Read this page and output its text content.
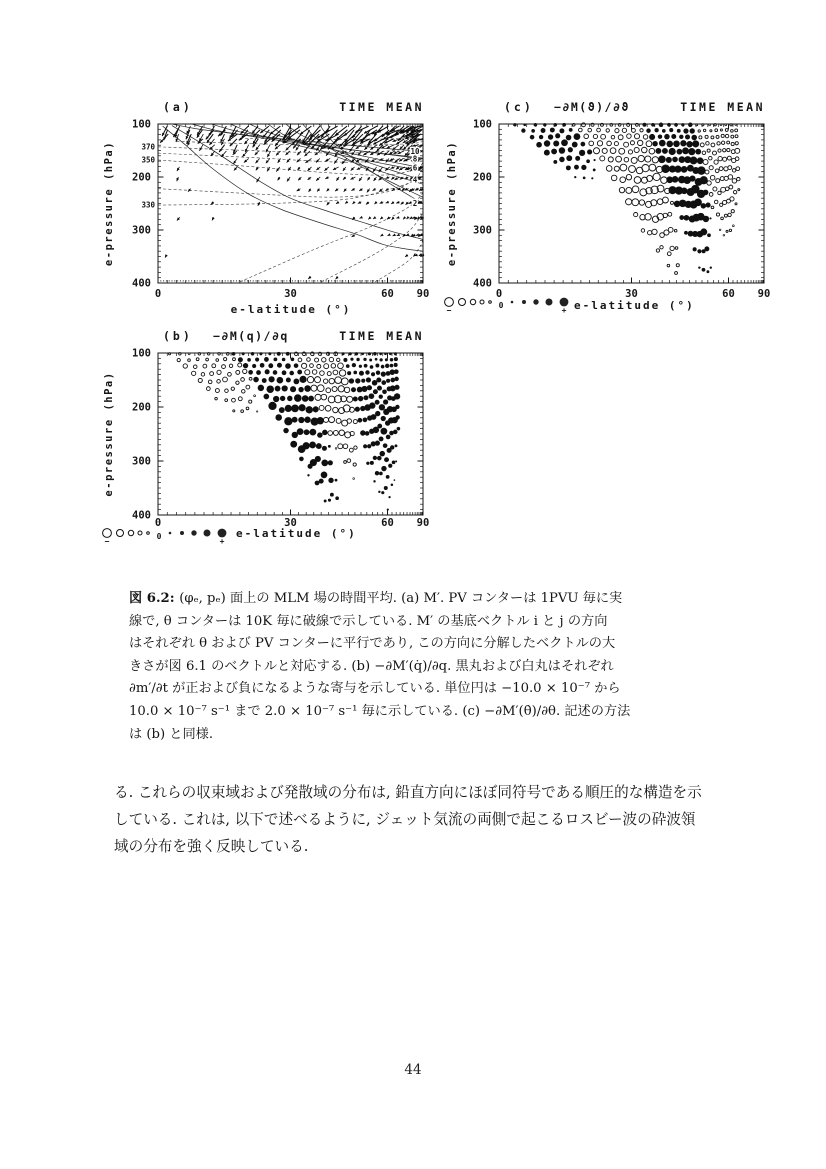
370
350
330
10
8
6
4
2
0	30	60 90
100
200
300
400
(a)	TIME MEAN
e-latitude (°)
e-pressure (hPa)
−
0
+
0	30	60 90
100
200
300
400
(b) −∂M(q)/∂q	TIME MEAN
e-latitude (°)
e-pressure (hPa)
−
0
+
0	30	60 90
100
200
300
400
(c) −∂M(ϑ)/∂ϑ	TIME MEAN
e-latitude (°)
e-pressure (hPa)
図 6.2: (φₑ, pₑ) 面上の MLM 場の時間平均. (a) M′. PV コンターは 1PVU 毎に実
線で, θ コンターは 10K 毎に破線で示している. M′ の基底ベクトル i と j の方向
はそれぞれ θ および PV コンターに平行であり, この方向に分解したベクトルの大
きさが図 6.1 のベクトルと対応する. (b) −∂M′(q̇)/∂q. 黒丸および白丸はそれぞれ
∂m′/∂t が正および負になるような寄与を示している. 単位円は −10.0 × 10⁻⁷ から
10.0 × 10⁻⁷ s⁻¹ まで 2.0 × 10⁻⁷ s⁻¹ 毎に示している. (c) −∂M′(θ̇)/∂θ. 記述の方法
は (b) と同様.
る. これらの収束域および発散域の分布は, 鉛直方向にほぼ同符号である順圧的な構造を示
している. これは, 以下で述べるように, ジェット気流の両側で起こるロスビー波の砕波領
域の分布を強く反映している.
44
